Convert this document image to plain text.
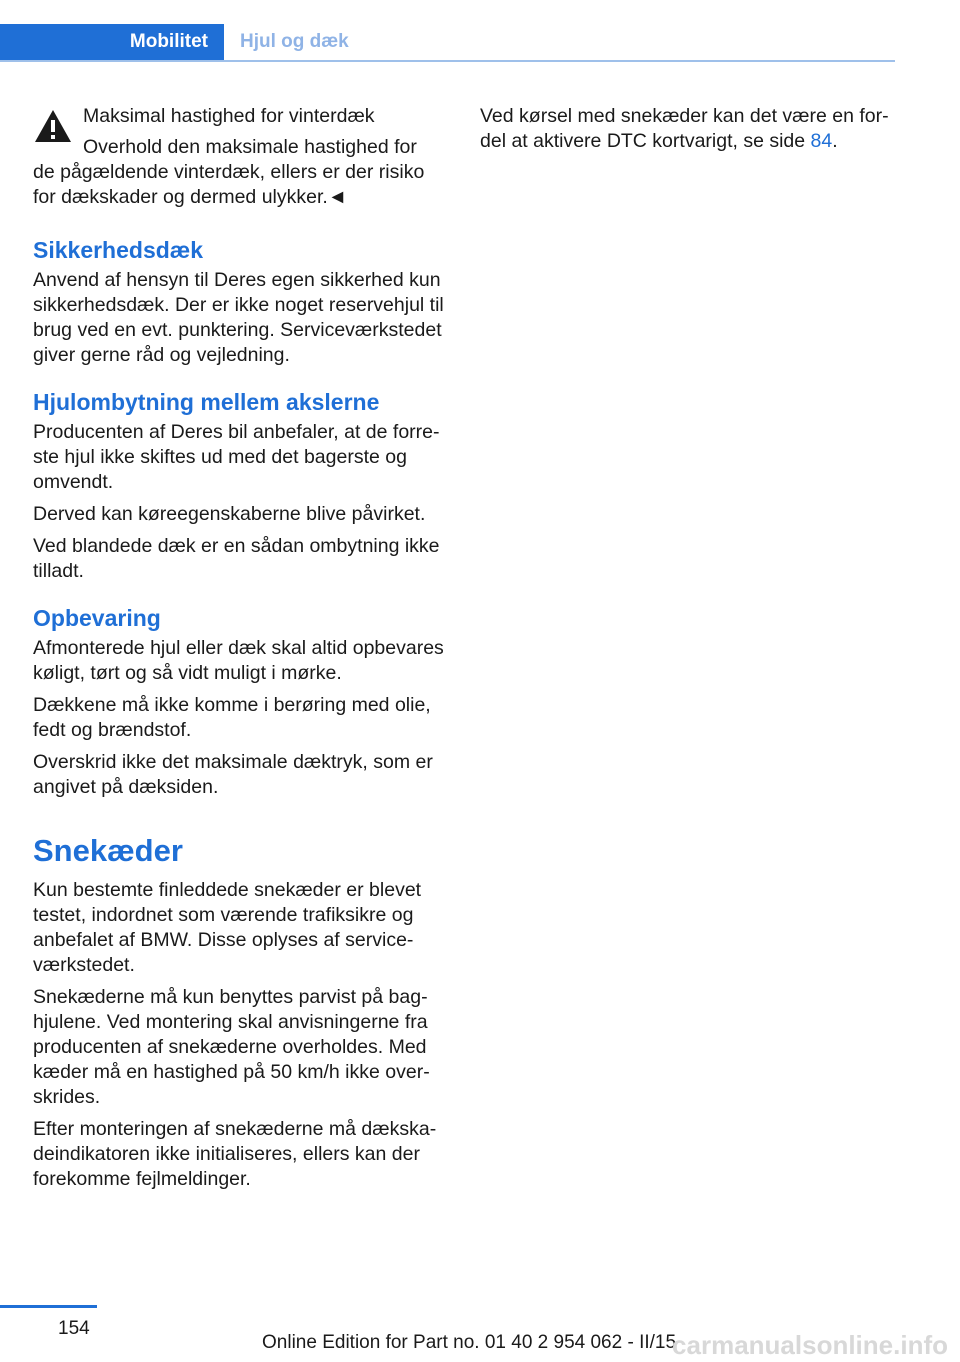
Mobilitet	Hjul og dæk

Maksimal hastighed for vinterdæk

Overhold den maksimale hastighed for

de pågældende vinterdæk, ellers er der risiko for dækskader og dermed ulykker.◄

Sikkerhedsdæk

Anvend af hensyn til Deres egen sikkerhed kun sikkerhedsdæk. Der er ikke noget reservehjul til brug ved en evt. punktering. Serviceværkstedet giver gerne råd og vejledning.

Hjulombytning mellem akslerne

Producenten af Deres bil anbefaler, at de forreste hjul ikke skiftes ud med det bagerste og omvendt.

Derved kan køreegenskaberne blive påvirket.

Ved blandede dæk er en sådan ombytning ikke tilladt.

Opbevaring

Afmonterede hjul eller dæk skal altid opbevares køligt, tørt og så vidt muligt i mørke.

Dækkene må ikke komme i berøring med olie, fedt og brændstof.

Overskrid ikke det maksimale dæktryk, som er angivet på dæksiden.

Snekæder

Kun bestemte finleddede snekæder er blevet testet, indordnet som værende trafiksikre og anbefalet af BMW. Disse oplyses af serviceværkstedet.

Snekæderne må kun benyttes parvist på baghjulene. Ved montering skal anvisningerne fra producenten af snekæderne overholdes. Med kæder må en hastighed på 50 km/h ikke overskrides.

Efter monteringen af snekæderne må dækskadeindikatoren ikke initialiseres, ellers kan der forekomme fejlmeldinger.

Ved kørsel med snekæder kan det være en fordel at aktivere DTC kortvarigt, se side 84.

154
Online Edition for Part no. 01 40 2 954 062 - II/15
carmanualsonline.info
